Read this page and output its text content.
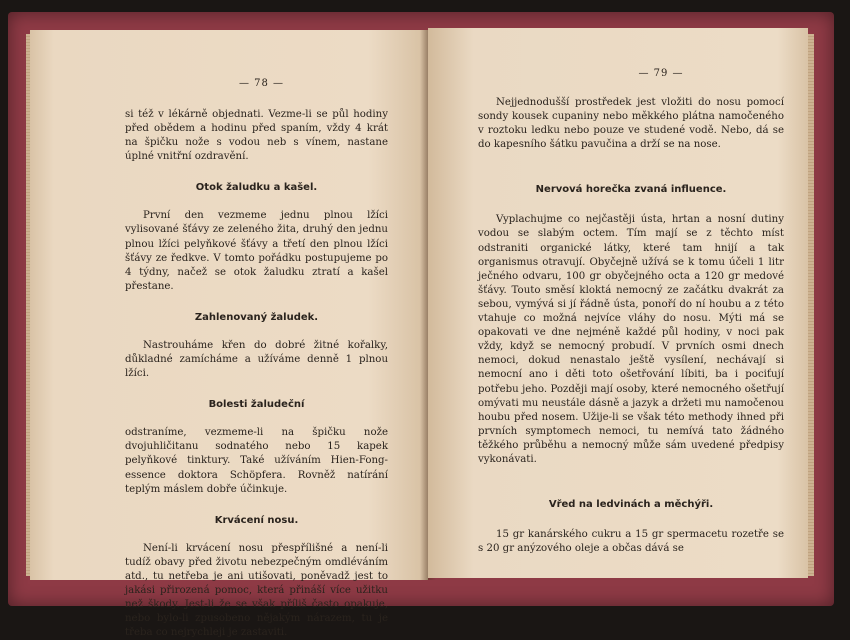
— 78 —

si též v lékárně objednati. Vezme-li se půl hodiny před obědem a hodinu před spaním, vždy 4 krát na špičku nože s vodou neb s vínem, nastane úplné vnitřní ozdravění.

Otok žaludku a kašel.

První den vezmeme jednu plnou lžíci vylisované šťávy ze zeleného žita, druhý den jednu plnou lžíci pelyňkové šťávy a třetí den plnou lžíci šťávy ze ředkve. V tomto pořádku postupujeme po 4 týdny, načež se otok žaludku ztratí a kašel přestane.

Zahlenovaný žaludek.

Nastrouháme křen do dobré žitné kořalky, důkladné zamícháme a užíváme denně 1 plnou lžíci.

Bolesti žaludeční

odstraníme, vezmeme-li na špičku nože dvojuhličitanu sodnatého nebo 15 kapek pelyňkové tinktury. Také užíváním Hien-Fong-essence doktora Schöpfera. Rovněž natírání teplým máslem dobře účinkuje.

Krvácení nosu.

Není-li krvácení nosu přespřílišné a není-li tudíž obavy před životu nebezpečným omdléváním atd., tu netřeba je ani utišovati, poněvadž jest to jakási přirozená pomoc, která přináší více užitku než škody. Jest-li že se však příliš často opakuje, nebo bylo-li zpusobeno nějakým nárazem, tu je třeba co nejrychleji je zastaviti.

— 79 —

Nejjednodušší prostředek jest vložiti do nosu pomocí sondy kousek cupaniny nebo měkkého plátna namočeného v roztoku ledku nebo pouze ve studené vodě. Nebo, dá se do kapesního šátku pavučina a drží se na nose.

Nervová horečka zvaná influence.

Vyplachujme co nejčastěji ústa, hrtan a nosní dutiny vodou se slabým octem. Tím mají se z těchto míst odstraniti organické látky, které tam hnijí a tak organismus otravují. Obyčejně užívá se k tomu účeli 1 litr ječného odvaru, 100 gr obyčejného octa a 120 gr medové šťávy. Touto směsí kloktá nemocný ze začátku dvakrát za sebou, vymývá si jí řádně ústa, ponoří do ní houbu a z této vtahuje co možná nejvíce vláhy do nosu. Mýti má se opakovati ve dne nejméně každé půl hodiny, v noci pak vždy, když se nemocný probudí. V prvních osmi dnech nemoci, dokud nenastalo ještě vysílení, nechávají si nemocní ano i děti toto ošetřování líbiti, ba i pociťují potřebu jeho. Později mají osoby, které nemocného ošetřují omývati mu neustále dásně a jazyk a držeti mu namočenou houbu před nosem. Užije-li se však této methody ihned při prvních symptomech nemoci, tu nemívá tato žádného těžkého průběhu a nemocný může sám uvedené předpisy vykonávati.

Vřed na ledvinách a měchýři.

15 gr kanárského cukru a 15 gr spermacetu rozetře se s 20 gr anýzového oleje a občas dává se
